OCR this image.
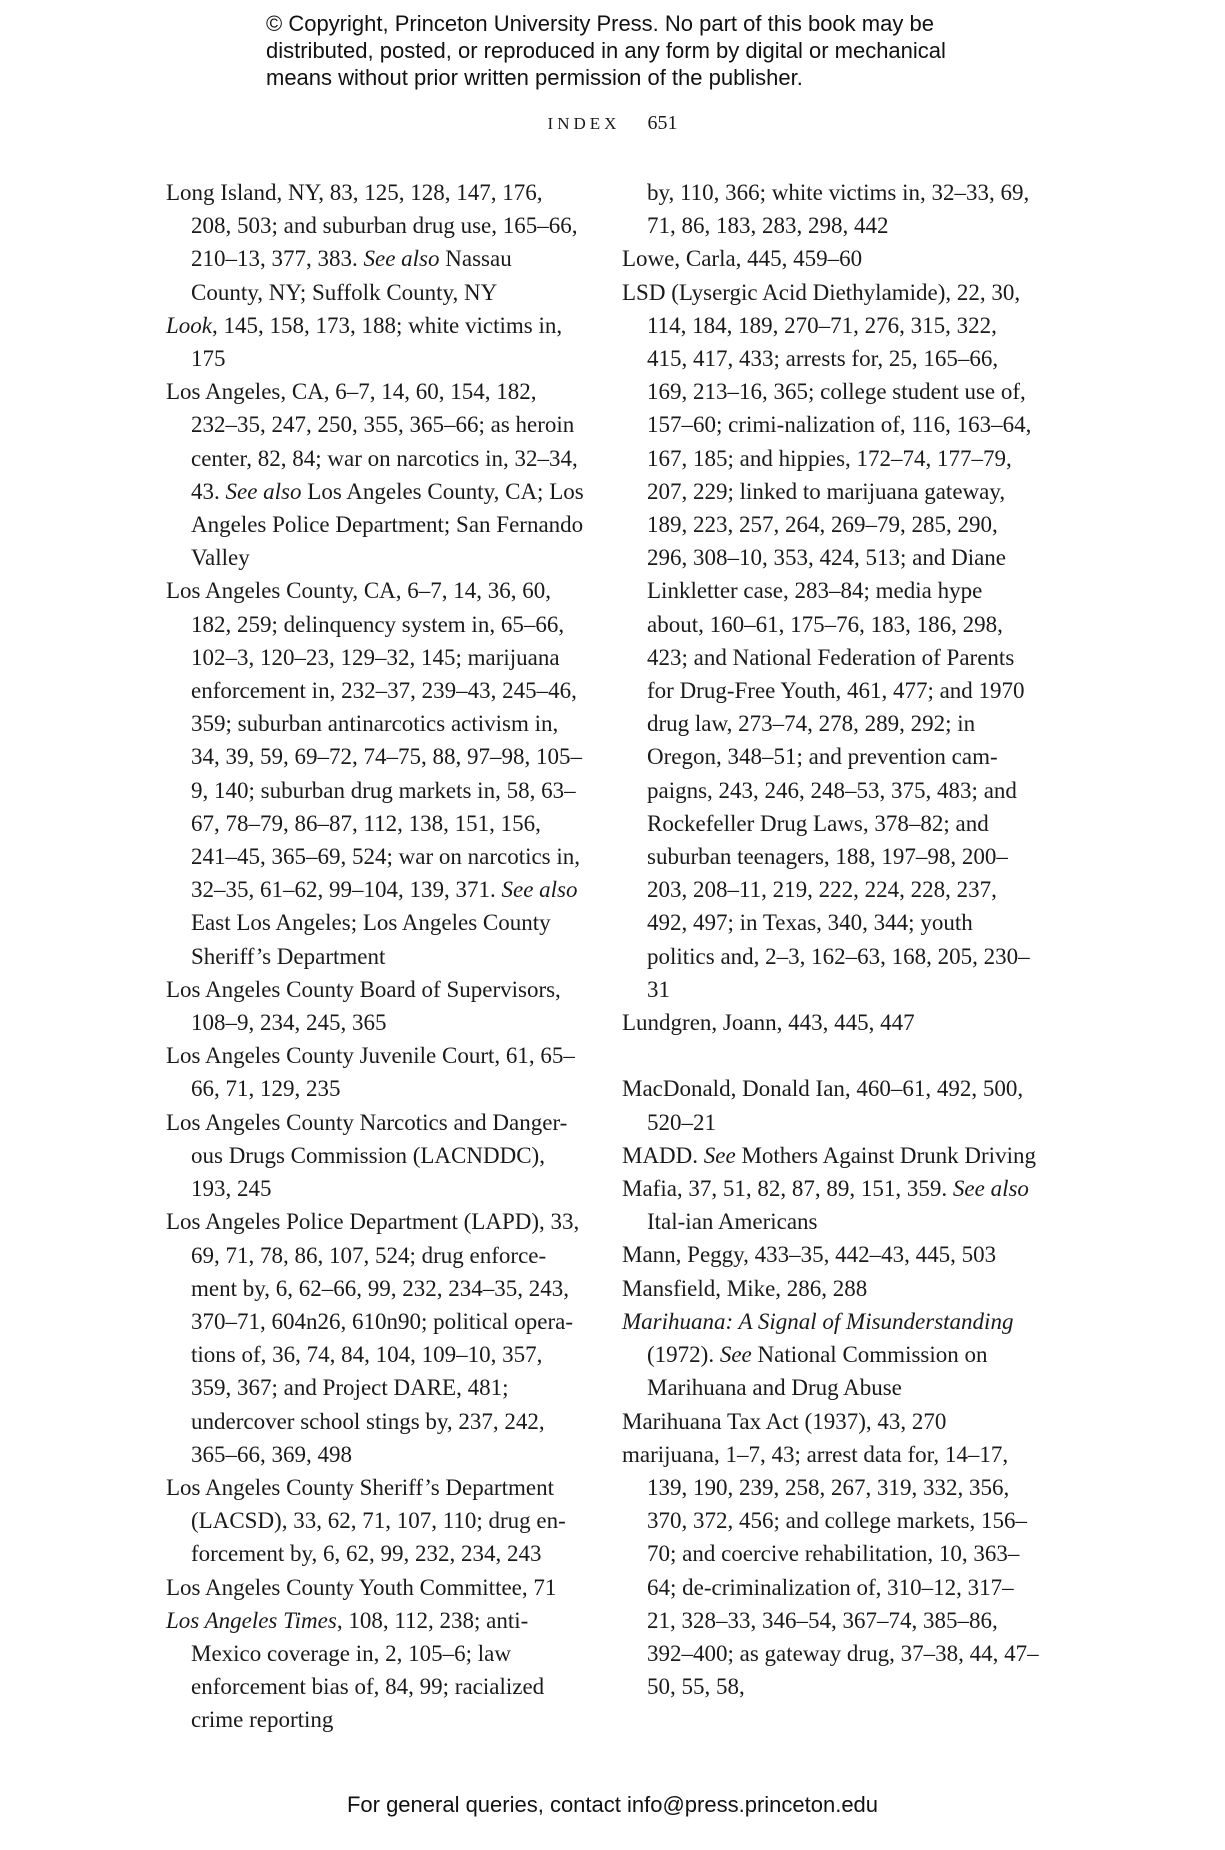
© Copyright, Princeton University Press. No part of this book may be
distributed, posted, or reproduced in any form by digital or mechanical
means without prior written permission of the publisher.
INDEX 651
Long Island, NY, 83, 125, 128, 147, 176, 208, 503; and suburban drug use, 165–66, 210–13, 377, 383. See also Nassau County, NY; Suffolk County, NY
Look, 145, 158, 173, 188; white victims in, 175
Los Angeles, CA, 6–7, 14, 60, 154, 182, 232–35, 247, 250, 355, 365–66; as heroin center, 82, 84; war on narcotics in, 32–34, 43. See also Los Angeles County, CA; Los Angeles Police Department; San Fernando Valley
Los Angeles County, CA, 6–7, 14, 36, 60, 182, 259; delinquency system in, 65–66, 102–3, 120–23, 129–32, 145; marijuana enforcement in, 232–37, 239–43, 245–46, 359; suburban antinarcotics activism in, 34, 39, 59, 69–72, 74–75, 88, 97–98, 105–9, 140; suburban drug markets in, 58, 63–67, 78–79, 86–87, 112, 138, 151, 156, 241–45, 365–69, 524; war on narcotics in, 32–35, 61–62, 99–104, 139, 371. See also East Los Angeles; Los Angeles County Sheriff’s Department
Los Angeles County Board of Supervisors, 108–9, 234, 245, 365
Los Angeles County Juvenile Court, 61, 65–66, 71, 129, 235
Los Angeles County Narcotics and Danger-ous Drugs Commission (LACNDDC), 193, 245
Los Angeles Police Department (LAPD), 33, 69, 71, 78, 86, 107, 524; drug enforce-ment by, 6, 62–66, 99, 232, 234–35, 243, 370–71, 604n26, 610n90; political opera-tions of, 36, 74, 84, 104, 109–10, 357, 359, 367; and Project DARE, 481; undercover school stings by, 237, 242, 365–66, 369, 498
Los Angeles County Sheriff’s Department (LACSD), 33, 62, 71, 107, 110; drug en-forcement by, 6, 62, 99, 232, 234, 243
Los Angeles County Youth Committee, 71
Los Angeles Times, 108, 112, 238; anti-Mexico coverage in, 2, 105–6; law enforcement bias of, 84, 99; racialized crime reporting
by, 110, 366; white victims in, 32–33, 69, 71, 86, 183, 283, 298, 442
Lowe, Carla, 445, 459–60
LSD (Lysergic Acid Diethylamide), 22, 30, 114, 184, 189, 270–71, 276, 315, 322, 415, 417, 433; arrests for, 25, 165–66, 169, 213–16, 365; college student use of, 157–60; crimi-nalization of, 116, 163–64, 167, 185; and hippies, 172–74, 177–79, 207, 229; linked to marijuana gateway, 189, 223, 257, 264, 269–79, 285, 290, 296, 308–10, 353, 424, 513; and Diane Linkletter case, 283–84; media hype about, 160–61, 175–76, 183, 186, 298, 423; and National Federation of Parents for Drug-Free Youth, 461, 477; and 1970 drug law, 273–74, 278, 289, 292; in Oregon, 348–51; and prevention cam-paigns, 243, 246, 248–53, 375, 483; and Rockefeller Drug Laws, 378–82; and suburban teenagers, 188, 197–98, 200–203, 208–11, 219, 222, 224, 228, 237, 492, 497; in Texas, 340, 344; youth politics and, 2–3, 162–63, 168, 205, 230–31
Lundgren, Joann, 443, 445, 447
MacDonald, Donald Ian, 460–61, 492, 500, 520–21
MADD. See Mothers Against Drunk Driving
Mafia, 37, 51, 82, 87, 89, 151, 359. See also Ital-ian Americans
Mann, Peggy, 433–35, 442–43, 445, 503
Mansfield, Mike, 286, 288
Marihuana: A Signal of Misunderstanding (1972). See National Commission on Marihuana and Drug Abuse
Marihuana Tax Act (1937), 43, 270
marijuana, 1–7, 43; arrest data for, 14–17, 139, 190, 239, 258, 267, 319, 332, 356, 370, 372, 456; and college markets, 156–70; and coercive rehabilitation, 10, 363–64; de-criminalization of, 310–12, 317–21, 328–33, 346–54, 367–74, 385–86, 392–400; as gateway drug, 37–38, 44, 47–50, 55, 58,
For general queries, contact info@press.princeton.edu
